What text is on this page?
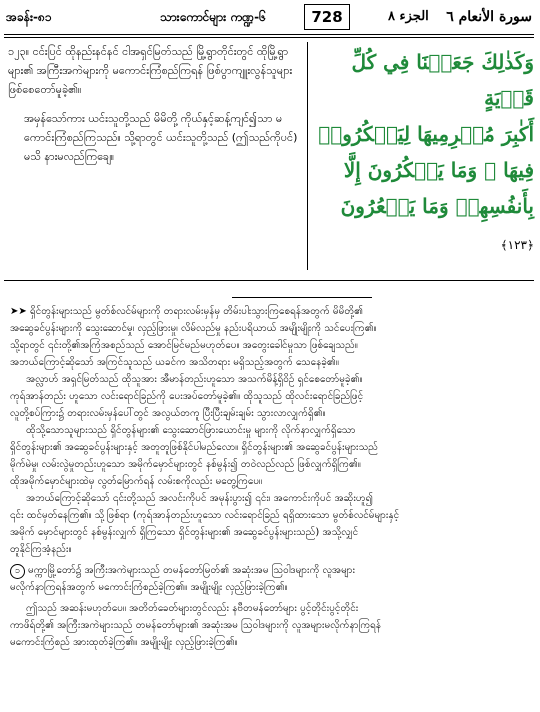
အခန်း-၈၁	သားကောင်များ ကဏ္ဍ-၆	728	الجزء ٨ سورة الأنعام ٦

၁၂၃။ ငင်းပြင် ထိုနည်းနင်နင် ငါအရှင်မြတ်သည် မြို့ရွာတိုင်းတွင် ထိုမြို့ရွာများ၏ အကြီးအကဲများကို မကောင်းကြံစည်ကြရန် ဖြစ်ပွာကျူးလွန်သူများ ဖြစ်စေတော်မူခဲ့၏။

အမှန်သော်ကား ယင်းသူတို့သည် မိမိတို့ ကိုယ်နှင့်ဆန့်ကျင်၍သာ မကောင်းကြံစည်ကြသည်။ သို့ရာတွင် ယင်းသူတို့သည် (ဤသည်ကိုပင်) မသိ နားမလည်ကြချေ။

وَكَذٰلِكَ جَعَلۡنَا فِي كُلِّ قَرۡيَةٍ
أَكٰبِرَ مُجۡرِمِيهَا لِيَمۡكُرُوا۟
فِيهَا ۖ وَمَا يَمۡكُرُونَ إِلَّا
بِأَنفُسِهِمۡ وَمَا يَشۡعُرُونَ ﴿١٢٣﴾

➤➤ ရှိင်တွန်းများသည် မွတ်စ်လင်မ်များကို တရားလမ်းမှန်မှ တိမ်းပါးသွားကြစေရန်အတွက် မိမိတို့၏

အဆွေခင်ပွန်းများကို သွေးဆောင်မှု၊ လှည့်ဖြားမှု၊ လိမ်လည်မှု နည်းပရိယာယ် အမျိုးမျိုးကို သင်ပေးကြ၏။

သို့ရာတွင် ၎င်းတို့၏အကြံအစည်သည် အောင်မြင်မည်မဟုတ်ပေ။ အတွေးခေါင်မှုသာ ဖြစ်ချေသည်။

အဘယ်ကြောင့်ဆိုသော် အကြင်သူသည် ယခင်က အသိတရား မရှိသည့်အတွက် သေနေခဲ့၏။

အလ္လာဟ် အရှင်မြတ်သည် ထိုသူအား အီမာန်တည်းဟူသော အသက်မိန့်ရှိဝိဉ် ရှင်စေတော်မူခဲ့၏။

ကုရ်အာန်တည်း ဟူသော လင်းရောင်ခြည်ကို ပေးအပ်တော်မူခဲ့၏။ ထိုသူသည် ထိုလင်းရောင်ခြည်ဖြင့်

လူတို့စပ်ကြား၌ တရားလမ်းမှန်ပေါ်တွင် အလွယ်တကူ ပြီးပြီးချမ်းချမ်း သွားလာလျှက်ရှိ၏။

ထိုသို့သောသူများသည် ရှိင်တွန်များ၏ သွေးဆောင်ဖြားယောင်းမှု များကို လိုက်နာလျှက်ရှိသော

ရှိင်တွန်းများ၏ အဆွေခင်ပွန်းများနှင့် အတူတူဖြစ်နိုင်ပါမည်လော။ ရှိင်တွန်းများ၏ အဆွေခင်ပွန်းများသည်

မိုက်မဲမှု၊ လမ်းလွဲမှုတည်းဟူသော အမိုက်မှောင်များတွင် နစ်မွန်း၍ တဝဲလည်လည် ဖြစ်လျှက်ရှိကြ၏။

ထိုအမိုက်မှောင်များထဲမှ လွတ်မြောက်ရန် လမ်းစကိုလည်း မတွေ့ကြပေ။

အဘယ်ကြောင့်ဆိုသော် ၎င်းတို့သည် အလင်းကိုပင် အမုန်းပွား၍ ၎င်း၊ အကောင်းကိုပင် အဆိုးဟူ၍

၎င်း ထင်မှတ်နေကြ၏။ သို့ဖြစ်ရာ (ကုရ်အာန်တည်းဟူသော လင်းရောင်ခြည် ရရှိထားသော မွတ်စ်လင်မ်များနှင့်

အမိုက် မှောင်များတွင် နစ်မွန်းလျှက် ရှိကြသော ရှိင်တွန်းများ၏ အဆွေခင်ပွန်းများသည်) အသို့လျှင်

တူနိုင်ကြအံ့နည်း။

၁ မက္ကာမြို့တော်၌ အကြီးအကဲများသည် တမန်တော်မြတ်၏ အဆုံးအမ သြဝါဒများကို လူအများ

မလိုက်နာကြရန်အတွက် မကောင်းကြံစည်ခဲ့ကြ၏။ အမျိုးမျိုး လှည့်ဖြားခဲ့ကြ၏။

ဤသည် အဆန်းမဟုတ်ပေ။ အတိတ်ခေတ်များတွင်လည်း နဗီတမန်တော်များ ပွင့်တိုင်းပွင့်တိုင်း

ကာဖိရ်တို့၏ အကြီးအကဲများသည် တမန်တော်များ၏ အဆုံးအမ သြဝါဒများကို လူအများမလိုက်နာကြရန်

မကောင်းကြံစည် အားထုတ်ခဲ့ကြ၏။ အမျိုးမျိုး လှည့်ဖြားခဲ့ကြ၏။
